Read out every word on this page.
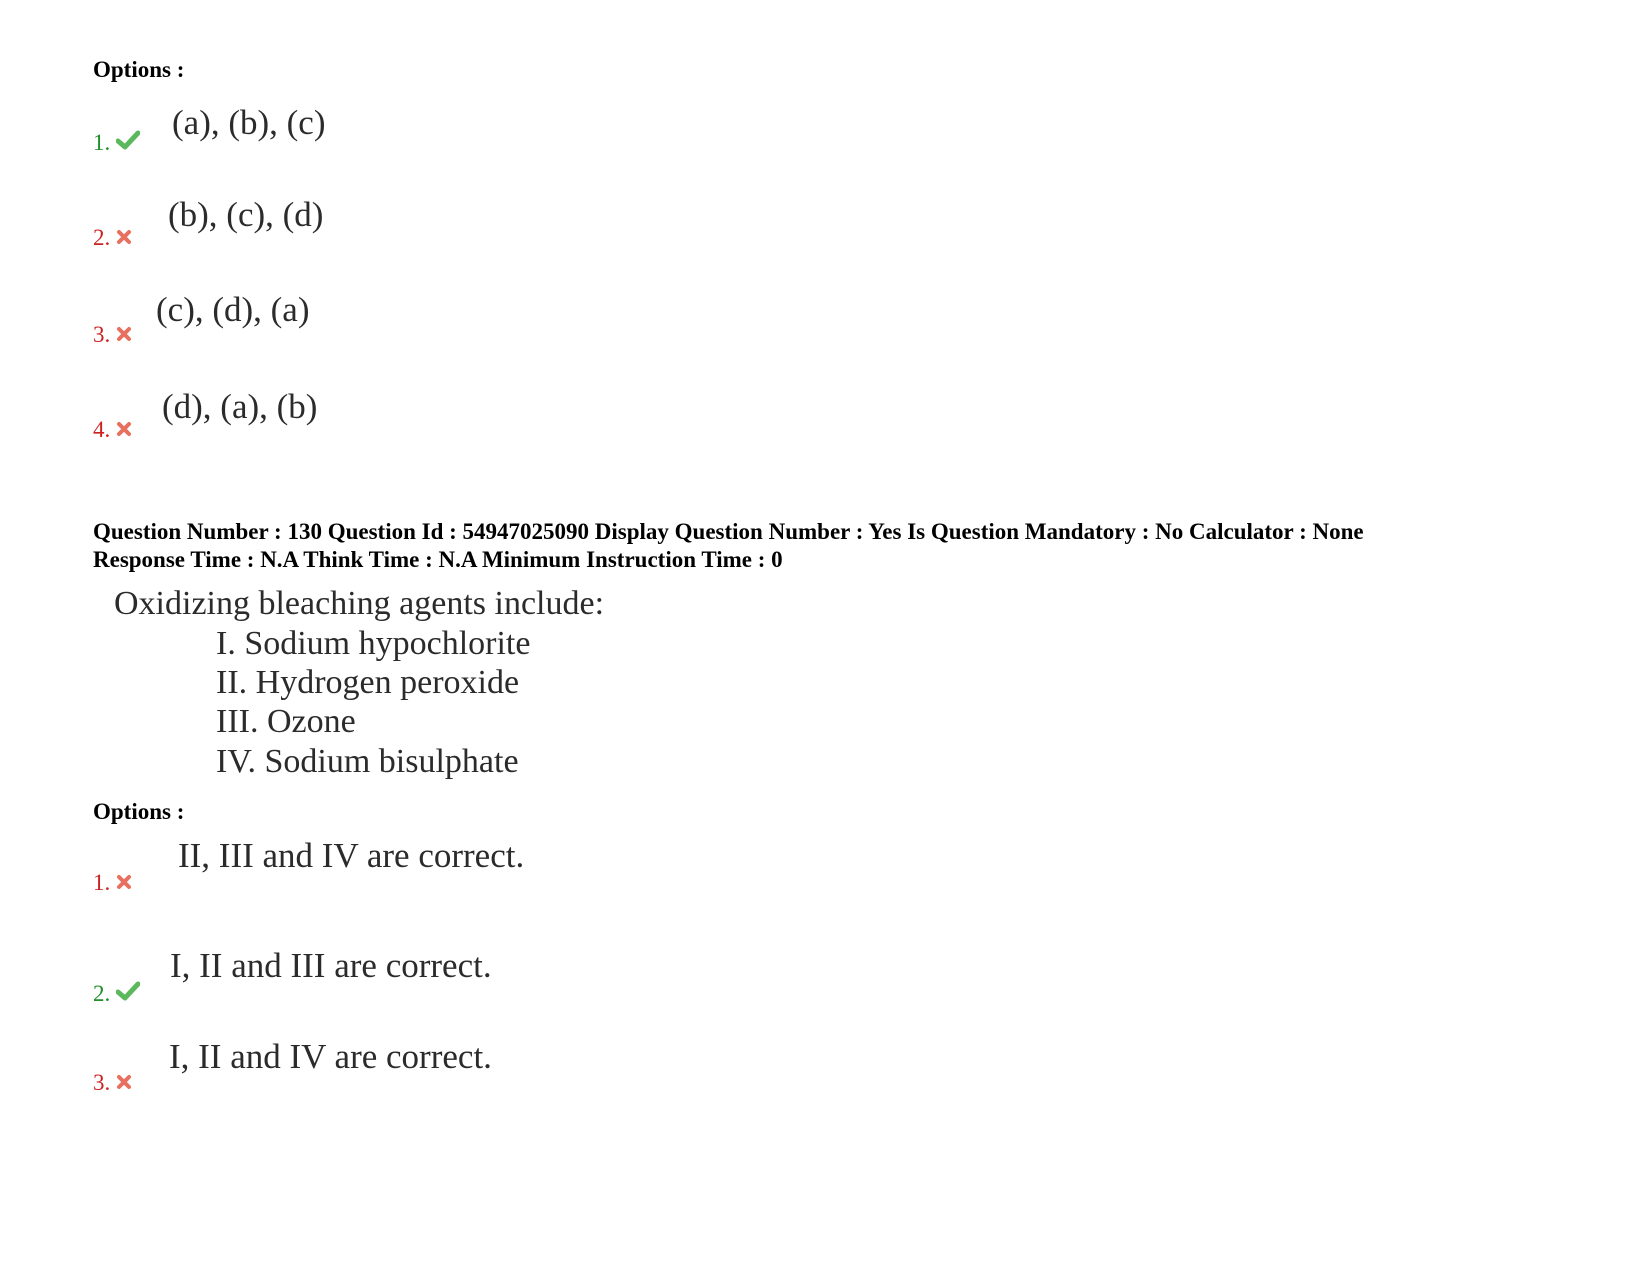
Options :
1.
(a), (b), (c)
2.
(b), (c), (d)
3.
(c), (d), (a)
4.
(d), (a), (b)
Question Number : 130 Question Id : 54947025090 Display Question Number : Yes Is Question Mandatory : No Calculator : None
Response Time : N.A Think Time : N.A Minimum Instruction Time : 0
Oxidizing bleaching agents include:
I. Sodium hypochlorite
II. Hydrogen peroxide
III. Ozone
IV. Sodium bisulphate
Options :
1.
II, III and IV are correct.
2.
I, II and III are correct.
3.
I, II and IV are correct.
